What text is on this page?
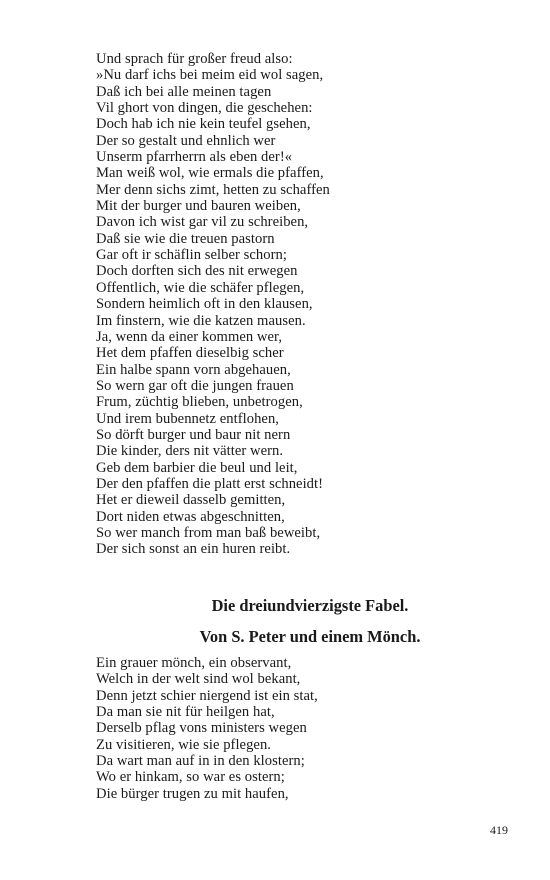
Und sprach für großer freud also:
»Nu darf ichs bei meim eid wol sagen,
Daß ich bei alle meinen tagen
Vil ghort von dingen, die geschehen:
Doch hab ich nie kein teufel gsehen,
Der so gestalt und ehnlich wer
Unserm pfarrherrn als eben der!«
Man weiß wol, wie ermals die pfaffen,
Mer denn sichs zimt, hetten zu schaffen
Mit der burger und bauren weiben,
Davon ich wist gar vil zu schreiben,
Daß sie wie die treuen pastorn
Gar oft ir schäflin selber schorn;
Doch dorften sich des nit erwegen
Offentlich, wie die schäfer pflegen,
Sondern heimlich oft in den klausen,
Im finstern, wie die katzen mausen.
Ja, wenn da einer kommen wer,
Het dem pfaffen dieselbig scher
Ein halbe spann vorn abgehauen,
So wern gar oft die jungen frauen
Frum, züchtig blieben, unbetrogen,
Und irem bubennetz entflohen,
So dörft burger und baur nit nern
Die kinder, ders nit vätter wern.
Geb dem barbier die beul und leit,
Der den pfaffen die platt erst schneidt!
Het er dieweil dasselb gemitten,
Dort niden etwas abgeschnitten,
So wer manch from man baß beweibt,
Der sich sonst an ein huren reibt.
Die dreiundvierzigste Fabel.
Von S. Peter und einem Mönch.
Ein grauer mönch, ein observant,
Welch in der welt sind wol bekant,
Denn jetzt schier niergend ist ein stat,
Da man sie nit für heilgen hat,
Derselb pflag vons ministers wegen
Zu visitieren, wie sie pflegen.
Da wart man auf in in den klostern;
Wo er hinkam, so war es ostern;
Die bürger trugen zu mit haufen,
419
